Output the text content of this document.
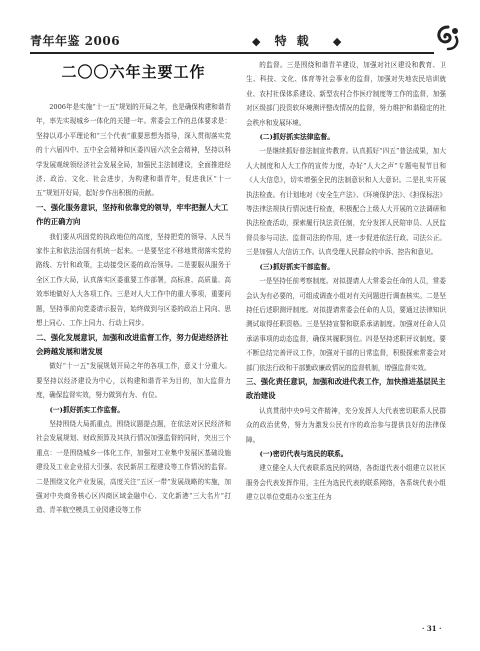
青年年鉴 2006	◆ 特载 ◆
二〇〇六年主要工作
2006年是实施“十一五”规划的开局之年，也是确保构建和谐青年，率先实现城乡一体化的关键一年。常委会工作的总体要求是：坚持以邓小平理论和“三个代表”重要思想为指导，深入贯彻落实党的十六届四中、五中全会精神和区委四届六次全会精神，坚持以科学发展观统领经济社会发展全局，加强民主法制建设，全面推进经济、政治、文化、社会进步，为构建和谐青年，促进我区“十一五”规划开好局，起好步作出积极的贡献。
一、强化服务意识，坚持和依靠党的领导，牢牢把握人大工作的正确方向
我们要从巩固党的执政地位的高度，坚持把党的领导、人民当家作主和依法治国有机统一起来。一是要坚定不移地贯彻落实党的路线、方针和政策，主动接受区委的政治领导。二是要服从服务于全区工作大局，认真落实区委重要工作部署，高标准、高质量、高效率地做好人大各项工作。三是对人大工作中的重大事项，重要问题，坚持事前向党委请示报告，始终做到与区委的政治上同向、思想上同心、工作上同力、行动上同步。
二、强化发展意识，加强和改进监督工作，努力促进经济社会跨越发展和谐发展
做好“十一五”发展规划开局之年的各项工作，意义十分重大。要坚持以经济建设为中心，以构建和谐青羊为目的，加大监督力度，确保监督实效，努力做到有为、有位。
(一)抓好抓实工作监督。
坚持围绕大局抓重点，围绕议题提点题，在依法对区民经济和社会发展规划、财政预算及其执行情况加强监督的同时，突出三个重点：一是围绕城乡一体化工作，加强对工业集中发展区基础设施建设及工业企业招大引强、农民新居工程建设等工作情况的监督。二是围绕文化产业发展，高度关注“五区一带”发展战略的实施，加强对中央商务核心区四商区域金融中心、文化新港“三大名片”打造、青羊航空模具工业园建设等工作
的监督。三是围绕和谐青羊建设，加强对社区建设和教育、卫生、科技、文化、体育等社会事业的监督，加强对失地农民培训就业、农村社保体系建设、新型农村合作医疗制度等工作的监督，加强对区级部门投资软环境测评整改情况的监督，努力维护和谐稳定的社会秩序和发展环境。
(二)抓好抓实法律监督。
一是继续抓好普法制宣传教育。认真抓好“四五”普法成果，加大人大制度和人大工作的宣传力度，办好“人大之声”专题电视节目和《人大信息》，切实增强全民的法制意识和人大意识。二是扎实开展执法检查。有计划地对《安全生产法》、《环境保护法》、《担保标法》等法律法规执行情况进行检查，积极配合上级人大开展的立法调研和执法检查活动，探索履行执法责任制，充分发挥人民陪审员、人民监督员参与司法、监督司法的作用，进一步促进依法行政、司法公正。三是加强人大信访工作。认真受理人民群众的申诉、控告和意见。
(三)抓好抓实干部监督。
一是坚持任前考察制度。对拟提请人大常委会任命的人员，常委会认为有必要的，可组成调查小组对有关问题进行调查核实。二是坚持任后述职测评制度。对拟提请常委会任命的人员，要通过法律知识测试取得任职资格。三是坚持宣誓和联系承诺制度。加强对任命人员承诺事项的动态监督，确保其履职到位。四是坚持述职评议制度。要不断总结完善评议工作，加强对干部的日常监督，积极探索常委会对部门依法行政和干部勤政廉政情况的监督机制，增强监督实效。
三、强化责任意识，加强和改进代表工作，加快推进基层民主政治建设
认真贯彻中央9号文件精神，充分发挥人大代表密切联系人民群众的政治优势，努力为激发公民有序的政治参与提供良好的法律保障。
(一)密切代表与选民的联系。
建立健全人大代表联系选民的网络，各街道代表小组建立以社区服务会代表发挥作用，主任为选民代表的联系网络，各系统代表小组建立以单位党组办公室主任为
· 31 ·
